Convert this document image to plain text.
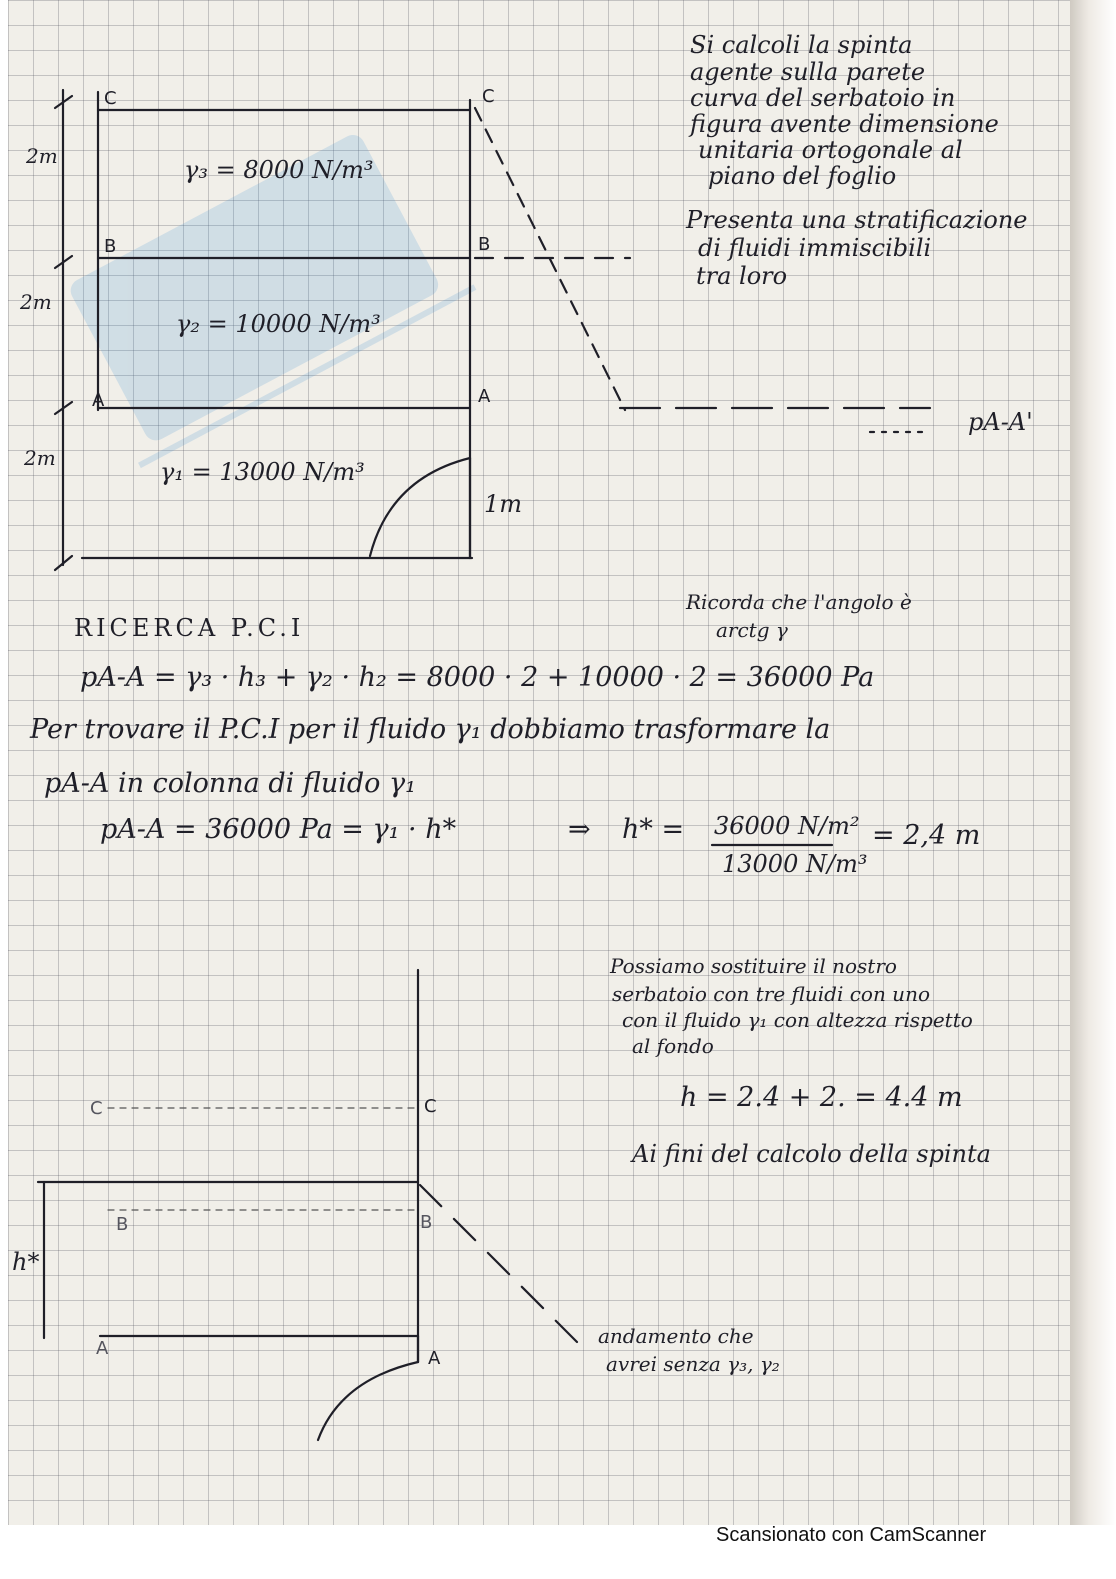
Si calcoli la spinta
agente sulla parete
curva del serbatoio in
figura avente dimensione
unitaria ortogonale al
piano del foglio
Presenta una stratificazione
di fluidi immiscibili
tra loro
C	C
B	B
A	A
2m
2m
2m
1m
γ₃ = 8000 N/m³
γ₂ = 10000 N/m³
γ₁ = 13000 N/m³
pA-A'
Ricorda che l'angolo è
arctg γ
RICERCA P.C.I
pA-A = γ₃ · h₃ + γ₂ · h₂ = 8000 · 2 + 10000 · 2 = 36000 Pa
Per trovare il P.C.I per il fluido γ₁ dobbiamo trasformare la
pA-A in colonna di fluido γ₁
pA-A = 36000 Pa = γ₁ · h*	⇒ h* = 36000 N/m²
13000 N/m³
= 2,4 m
Possiamo sostituire il nostro
serbatoio con tre fluidi con uno
con il fluido γ₁ con altezza rispetto
al fondo
h = 2.4 + 2. = 4.4 m
Ai fini del calcolo della spinta
C	C
B	B
A	A
h*
andamento che
avrei senza γ₃, γ₂
Scansionato con CamScanner
